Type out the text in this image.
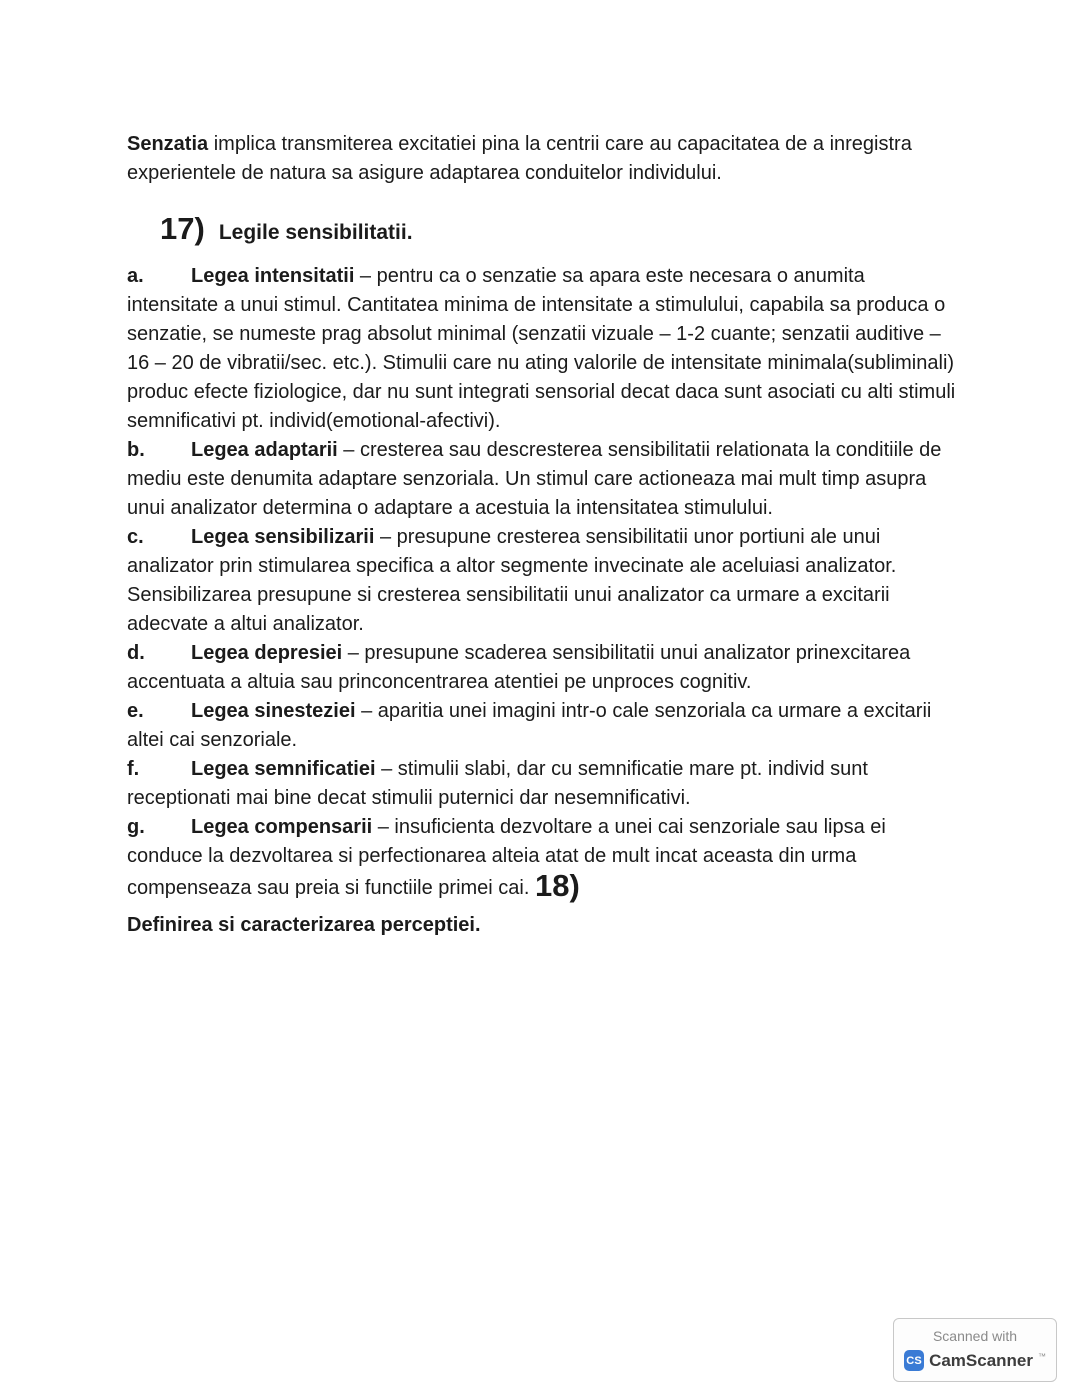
Senzatia implica transmiterea excitatiei pina la centrii care au capacitatea de a inregistra experientele de natura sa asigure adaptarea conduitelor individului.

17) Legile sensibilitatii.

a. Legea intensitatii – pentru ca o senzatie sa apara este necesara o anumita intensitate a unui stimul. Cantitatea minima de intensitate a stimulului, capabila sa produca o senzatie, se numeste prag absolut minimal (senzatii vizuale – 1-2 cuante; senzatii auditive – 16 – 20 de vibratii/sec. etc.). Stimulii care nu ating valorile de intensitate minimala(subliminali) produc efecte fiziologice, dar nu sunt integrati sensorial decat daca sunt asociati cu alti stimuli semnificativi pt. individ(emotional-afectivi).

b. Legea adaptarii – cresterea sau descresterea sensibilitatii relationata la conditiile de mediu este denumita adaptare senzoriala. Un stimul care actioneaza mai mult timp asupra unui analizator determina o adaptare a acestuia la intensitatea stimulului.

c. Legea sensibilizarii – presupune cresterea sensibilitatii unor portiuni ale unui analizator prin stimularea specifica a altor segmente invecinate ale aceluiasi analizator. Sensibilizarea presupune si cresterea sensibilitatii unui analizator ca urmare a excitarii adecvate a altui analizator.

d. Legea depresiei – presupune scaderea sensibilitatii unui analizator prinexcitarea accentuata a altuia sau princoncentrarea atentiei pe unproces cognitiv.

e. Legea sinesteziei – aparitia unei imagini intr-o cale senzoriala ca urmare a excitarii altei cai senzoriale.

f.	Legea semnificatiei – stimulii slabi, dar cu semnificatie mare pt. individ sunt receptionati mai bine decat stimulii puternici dar nesemnificativi.

g. Legea compensarii – insuficienta dezvoltare a unei cai senzoriale sau lipsa ei conduce la dezvoltarea si perfectionarea alteia atat de mult incat aceasta din urma compenseaza sau preia si functiile primei cai. 18)

Definirea si caracterizarea perceptiei.

Scanned with
CS CamScanner ™
